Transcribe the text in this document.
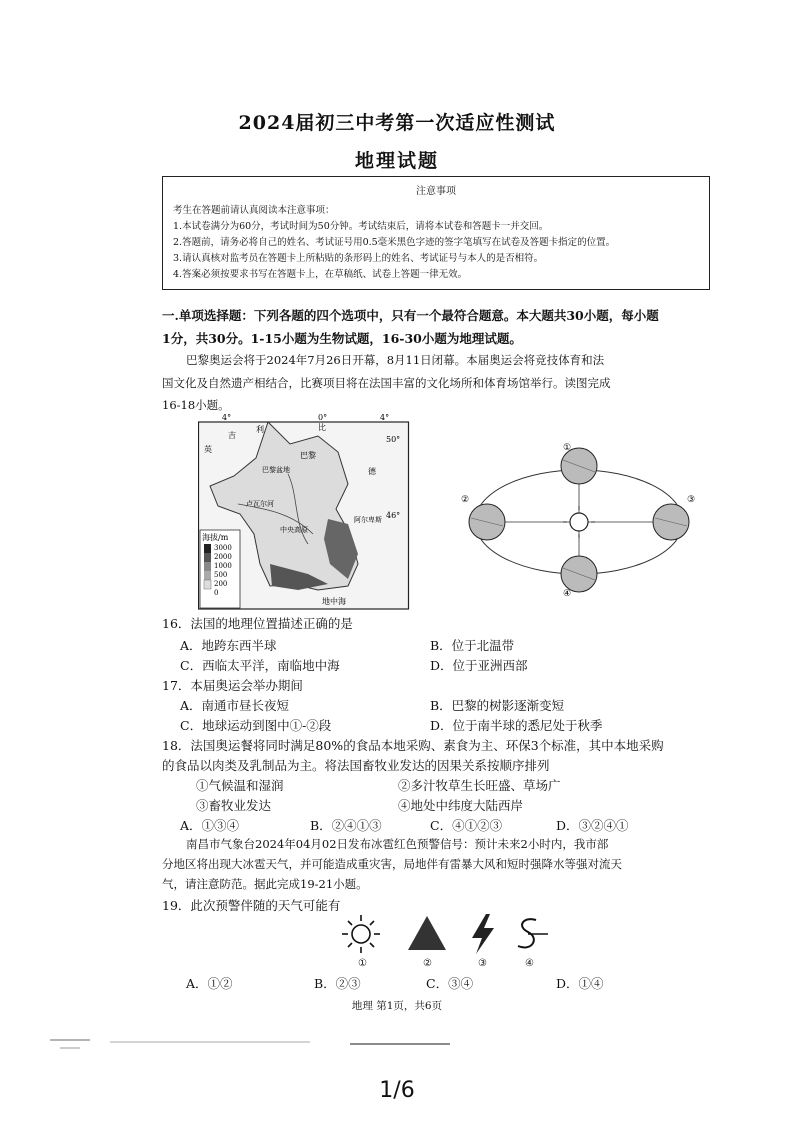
2024届初三中考第一次适应性测试
地理试题
注意事项
考生在答题前请认真阅读本注意事项：
1.本试卷满分为60分，考试时间为50分钟。考试结束后，请将本试卷和答题卡一并交回。
2.答题前，请务必将自己的姓名、考试证号用0.5毫米黑色字迹的签字笔填写在试卷及答题卡指定的位置。
3.请认真核对监考员在答题卡上所粘贴的条形码上的姓名、考试证号与本人的是否相符。
4.答案必须按要求书写在答题卡上，在草稿纸、试卷上答题一律无效。
一.单项选择题：下列各题的四个选项中，只有一个最符合题意。本大题共30小题，每小题
1分，共30分。1-15小题为生物试题，16-30小题为地理试题。
巴黎奥运会将于2024年7月26日开幕，8月11日闭幕。本届奥运会将竞技体育和法
国文化及自然遗产相结合，比赛项目将在法国丰富的文化场所和体育场馆举行。读图完成
16-18小题。
4°	0°	4°
50°
46°
英
吉
利
巴黎
比
德
巴黎盆地
卢瓦尔河
中央高原
阿尔卑斯
地中海
海拔/m
3000
2000
1000
500
200
0
①
②	③
④
16．法国的地理位置描述正确的是
A．地跨东西半球	B．位于北温带
C．西临太平洋，南临地中海	D．位于亚洲西部
17．本届奥运会举办期间
A．南通市昼长夜短	B．巴黎的树影逐渐变短
C．地球运动到图中①-②段	D．位于南半球的悉尼处于秋季
18．法国奥运餐将同时满足80%的食品本地采购、素食为主、环保3个标准，其中本地采购
的食品以肉类及乳制品为主。将法国畜牧业发达的因果关系按顺序排列
①气候温和湿润	②多汁牧草生长旺盛、草场广
③畜牧业发达	④地处中纬度大陆西岸
A．①③④	B．②④①③	C．④①②③	D．③②④①
南昌市气象台2024年04月02日发布冰雹红色预警信号：预计未来2小时内，我市部
分地区将出现大冰雹天气，并可能造成重灾害，局地伴有雷暴大风和短时强降水等强对流天
气，请注意防范。据此完成19-21小题。
19．此次预警伴随的天气可能有
①	②	③	④
A．①②	B．②③	C．③④	D．①④
地理 第1页，共6页
1/6
